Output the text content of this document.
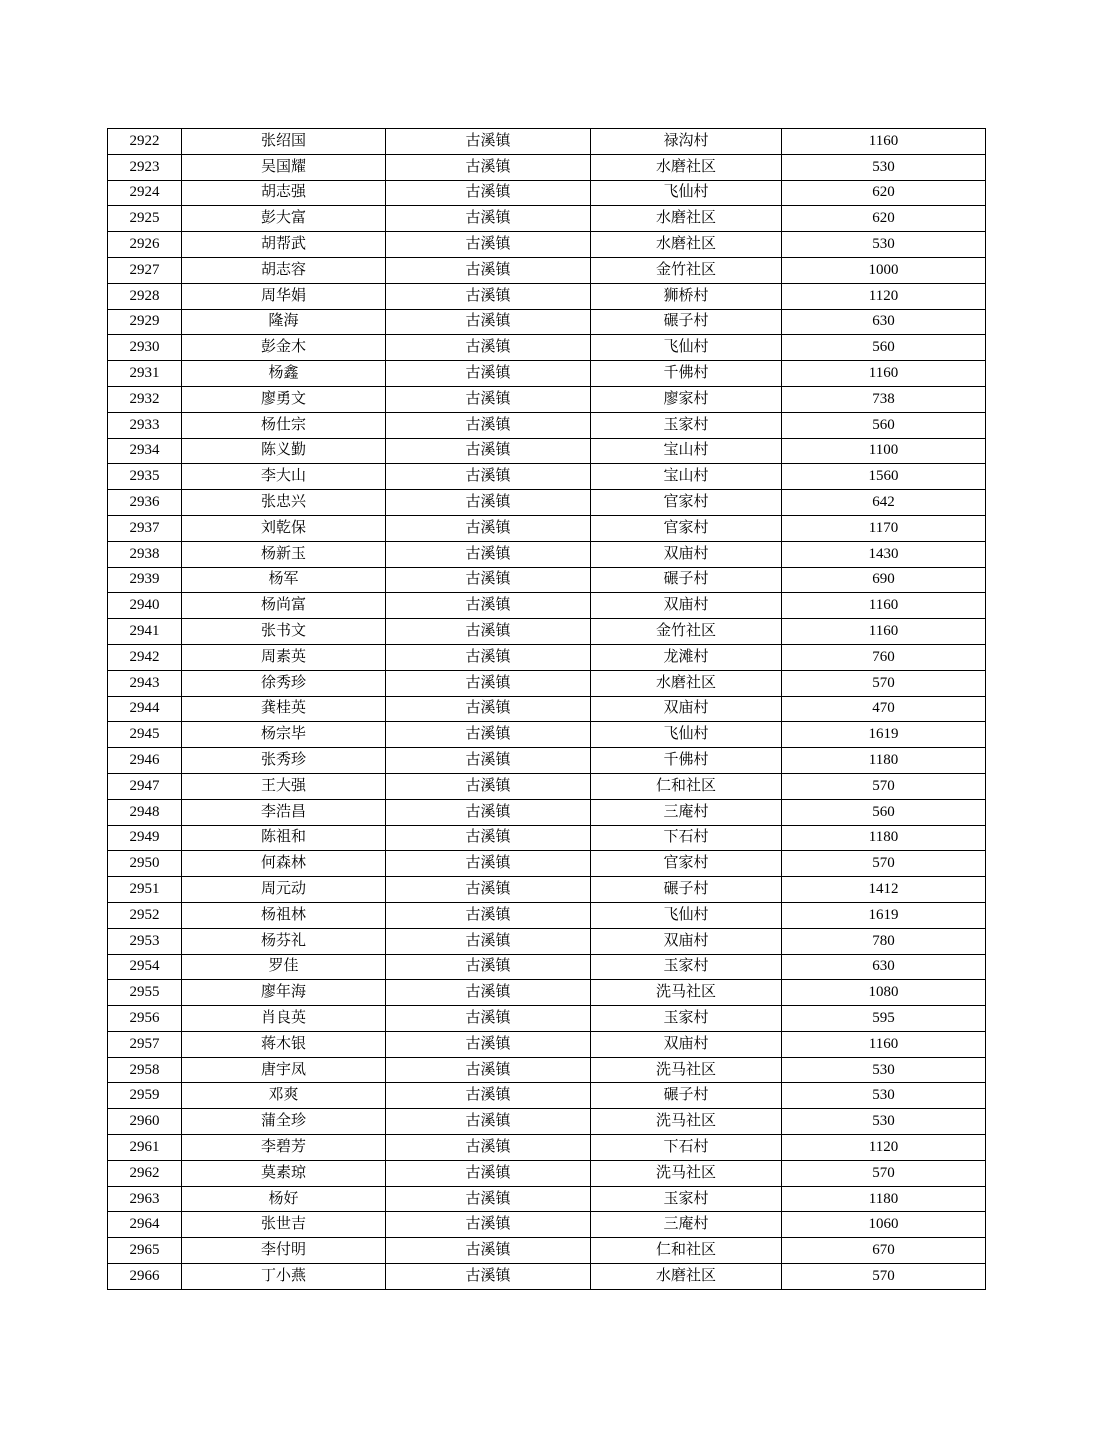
2922	张绍国	古溪镇	禄沟村	1160
2923	吴国耀	古溪镇	水磨社区	530
2924	胡志强	古溪镇	飞仙村	620
2925	彭大富	古溪镇	水磨社区	620
2926	胡帮武	古溪镇	水磨社区	530
2927	胡志容	古溪镇	金竹社区	1000
2928	周华娟	古溪镇	狮桥村	1120
2929	隆海	古溪镇	碾子村	630
2930	彭金木	古溪镇	飞仙村	560
2931	杨鑫	古溪镇	千佛村	1160
2932	廖勇文	古溪镇	廖家村	738
2933	杨仕宗	古溪镇	玉家村	560
2934	陈义勤	古溪镇	宝山村	1100
2935	李大山	古溪镇	宝山村	1560
2936	张忠兴	古溪镇	官家村	642
2937	刘乾保	古溪镇	官家村	1170
2938	杨新玉	古溪镇	双庙村	1430
2939	杨军	古溪镇	碾子村	690
2940	杨尚富	古溪镇	双庙村	1160
2941	张书文	古溪镇	金竹社区	1160
2942	周素英	古溪镇	龙滩村	760
2943	徐秀珍	古溪镇	水磨社区	570
2944	龚桂英	古溪镇	双庙村	470
2945	杨宗毕	古溪镇	飞仙村	1619
2946	张秀珍	古溪镇	千佛村	1180
2947	王大强	古溪镇	仁和社区	570
2948	李浩昌	古溪镇	三庵村	560
2949	陈祖和	古溪镇	下石村	1180
2950	何森林	古溪镇	官家村	570
2951	周元动	古溪镇	碾子村	1412
2952	杨祖林	古溪镇	飞仙村	1619
2953	杨芬礼	古溪镇	双庙村	780
2954	罗佳	古溪镇	玉家村	630
2955	廖年海	古溪镇	洗马社区	1080
2956	肖良英	古溪镇	玉家村	595
2957	蒋木银	古溪镇	双庙村	1160
2958	唐宇凤	古溪镇	洗马社区	530
2959	邓爽	古溪镇	碾子村	530
2960	蒲全珍	古溪镇	洗马社区	530
2961	李碧芳	古溪镇	下石村	1120
2962	莫素琼	古溪镇	洗马社区	570
2963	杨好	古溪镇	玉家村	1180
2964	张世吉	古溪镇	三庵村	1060
2965	李付明	古溪镇	仁和社区	670
2966	丁小燕	古溪镇	水磨社区	570
